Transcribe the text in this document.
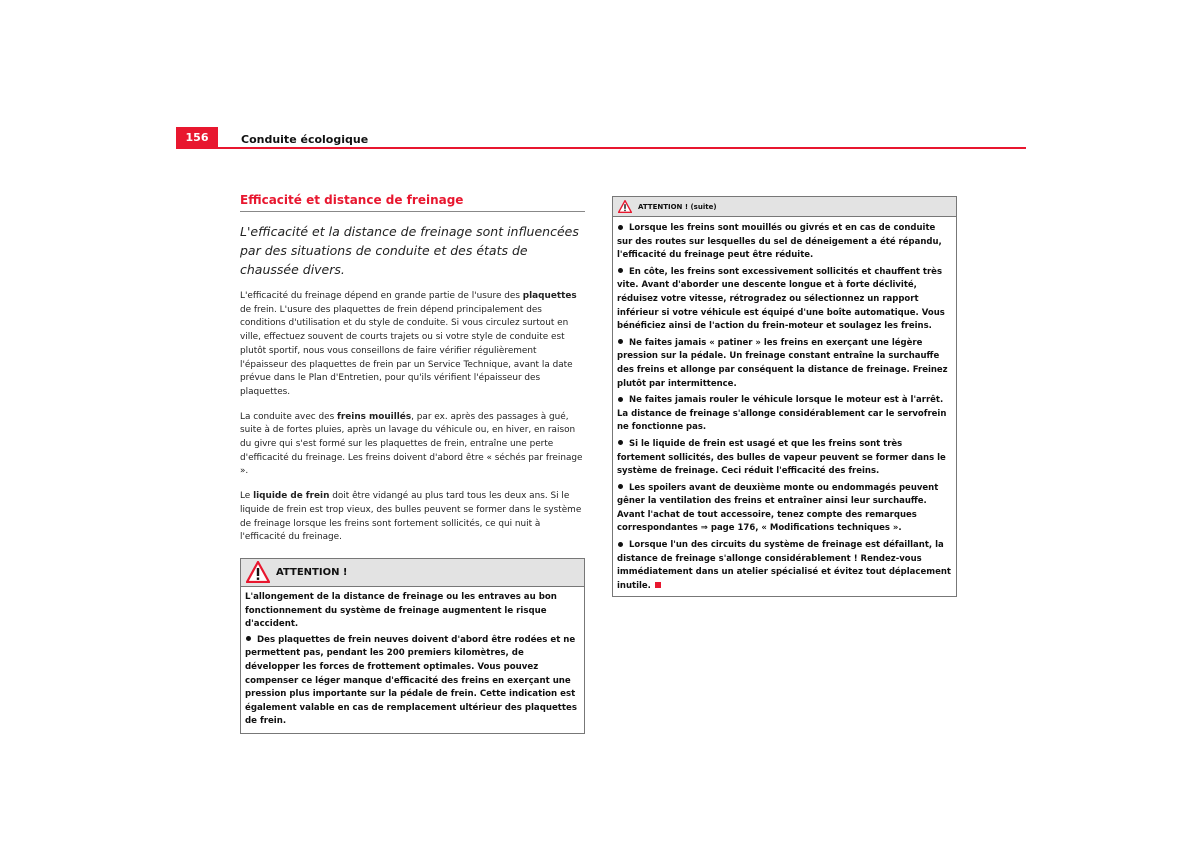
156	Conduite écologique
Efficacité et distance de freinage
L'efficacité et la distance de freinage sont influencées par des situations de conduite et des états de chaussée divers.

L'efficacité du freinage dépend en grande partie de l'usure des plaquettes de frein. L'usure des plaquettes de frein dépend principalement des conditions d'utilisation et du style de conduite. Si vous circulez surtout en ville, effectuez souvent de courts trajets ou si votre style de conduite est plutôt sportif, nous vous conseillons de faire vérifier régulièrement l'épaisseur des plaquettes de frein par un Service Technique, avant la date prévue dans le Plan d'Entretien, pour qu'ils vérifient l'épaisseur des plaquettes.

La conduite avec des freins mouillés, par ex. après des passages à gué, suite à de fortes pluies, après un lavage du véhicule ou, en hiver, en raison du givre qui s'est formé sur les plaquettes de frein, entraîne une perte d'efficacité du freinage. Les freins doivent d'abord être « séchés par freinage ».

Le liquide de frein doit être vidangé au plus tard tous les deux ans. Si le liquide de frein est trop vieux, des bulles peuvent se former dans le système de freinage lorsque les freins sont fortement sollicités, ce qui nuit à l'efficacité du freinage.

ATTENTION !

L'allongement de la distance de freinage ou les entraves au bon fonctionnement du système de freinage augmentent le risque d'accident.

Des plaquettes de frein neuves doivent d'abord être rodées et ne permettent pas, pendant les 200 premiers kilomètres, de développer les forces de frottement optimales. Vous pouvez compenser ce léger manque d'efficacité des freins en exerçant une pression plus importante sur la pédale de frein. Cette indication est également valable en cas de remplacement ultérieur des plaquettes de frein.

ATTENTION ! (suite)

Lorsque les freins sont mouillés ou givrés et en cas de conduite sur des routes sur lesquelles du sel de déneigement a été répandu, l'efficacité du freinage peut être réduite.

En côte, les freins sont excessivement sollicités et chauffent très vite. Avant d'aborder une descente longue et à forte déclivité, réduisez votre vitesse, rétrogradez ou sélectionnez un rapport inférieur si votre véhicule est équipé d'une boîte automatique. Vous bénéficiez ainsi de l'action du frein-moteur et soulagez les freins.

Ne faites jamais « patiner » les freins en exerçant une légère pression sur la pédale. Un freinage constant entraîne la surchauffe des freins et allonge par conséquent la distance de freinage. Freinez plutôt par intermittence.

Ne faites jamais rouler le véhicule lorsque le moteur est à l'arrêt. La distance de freinage s'allonge considérablement car le servofrein ne fonctionne pas.

Si le liquide de frein est usagé et que les freins sont très fortement sollicités, des bulles de vapeur peuvent se former dans le système de freinage. Ceci réduit l'efficacité des freins.

Les spoilers avant de deuxième monte ou endommagés peuvent gêner la ventilation des freins et entraîner ainsi leur surchauffe. Avant l'achat de tout accessoire, tenez compte des remarques correspondantes ⇒ page 176, « Modifications techniques ».

Lorsque l'un des circuits du système de freinage est défaillant, la distance de freinage s'allonge considérablement ! Rendez-vous immédiatement dans un atelier spécialisé et évitez tout déplacement inutile.
